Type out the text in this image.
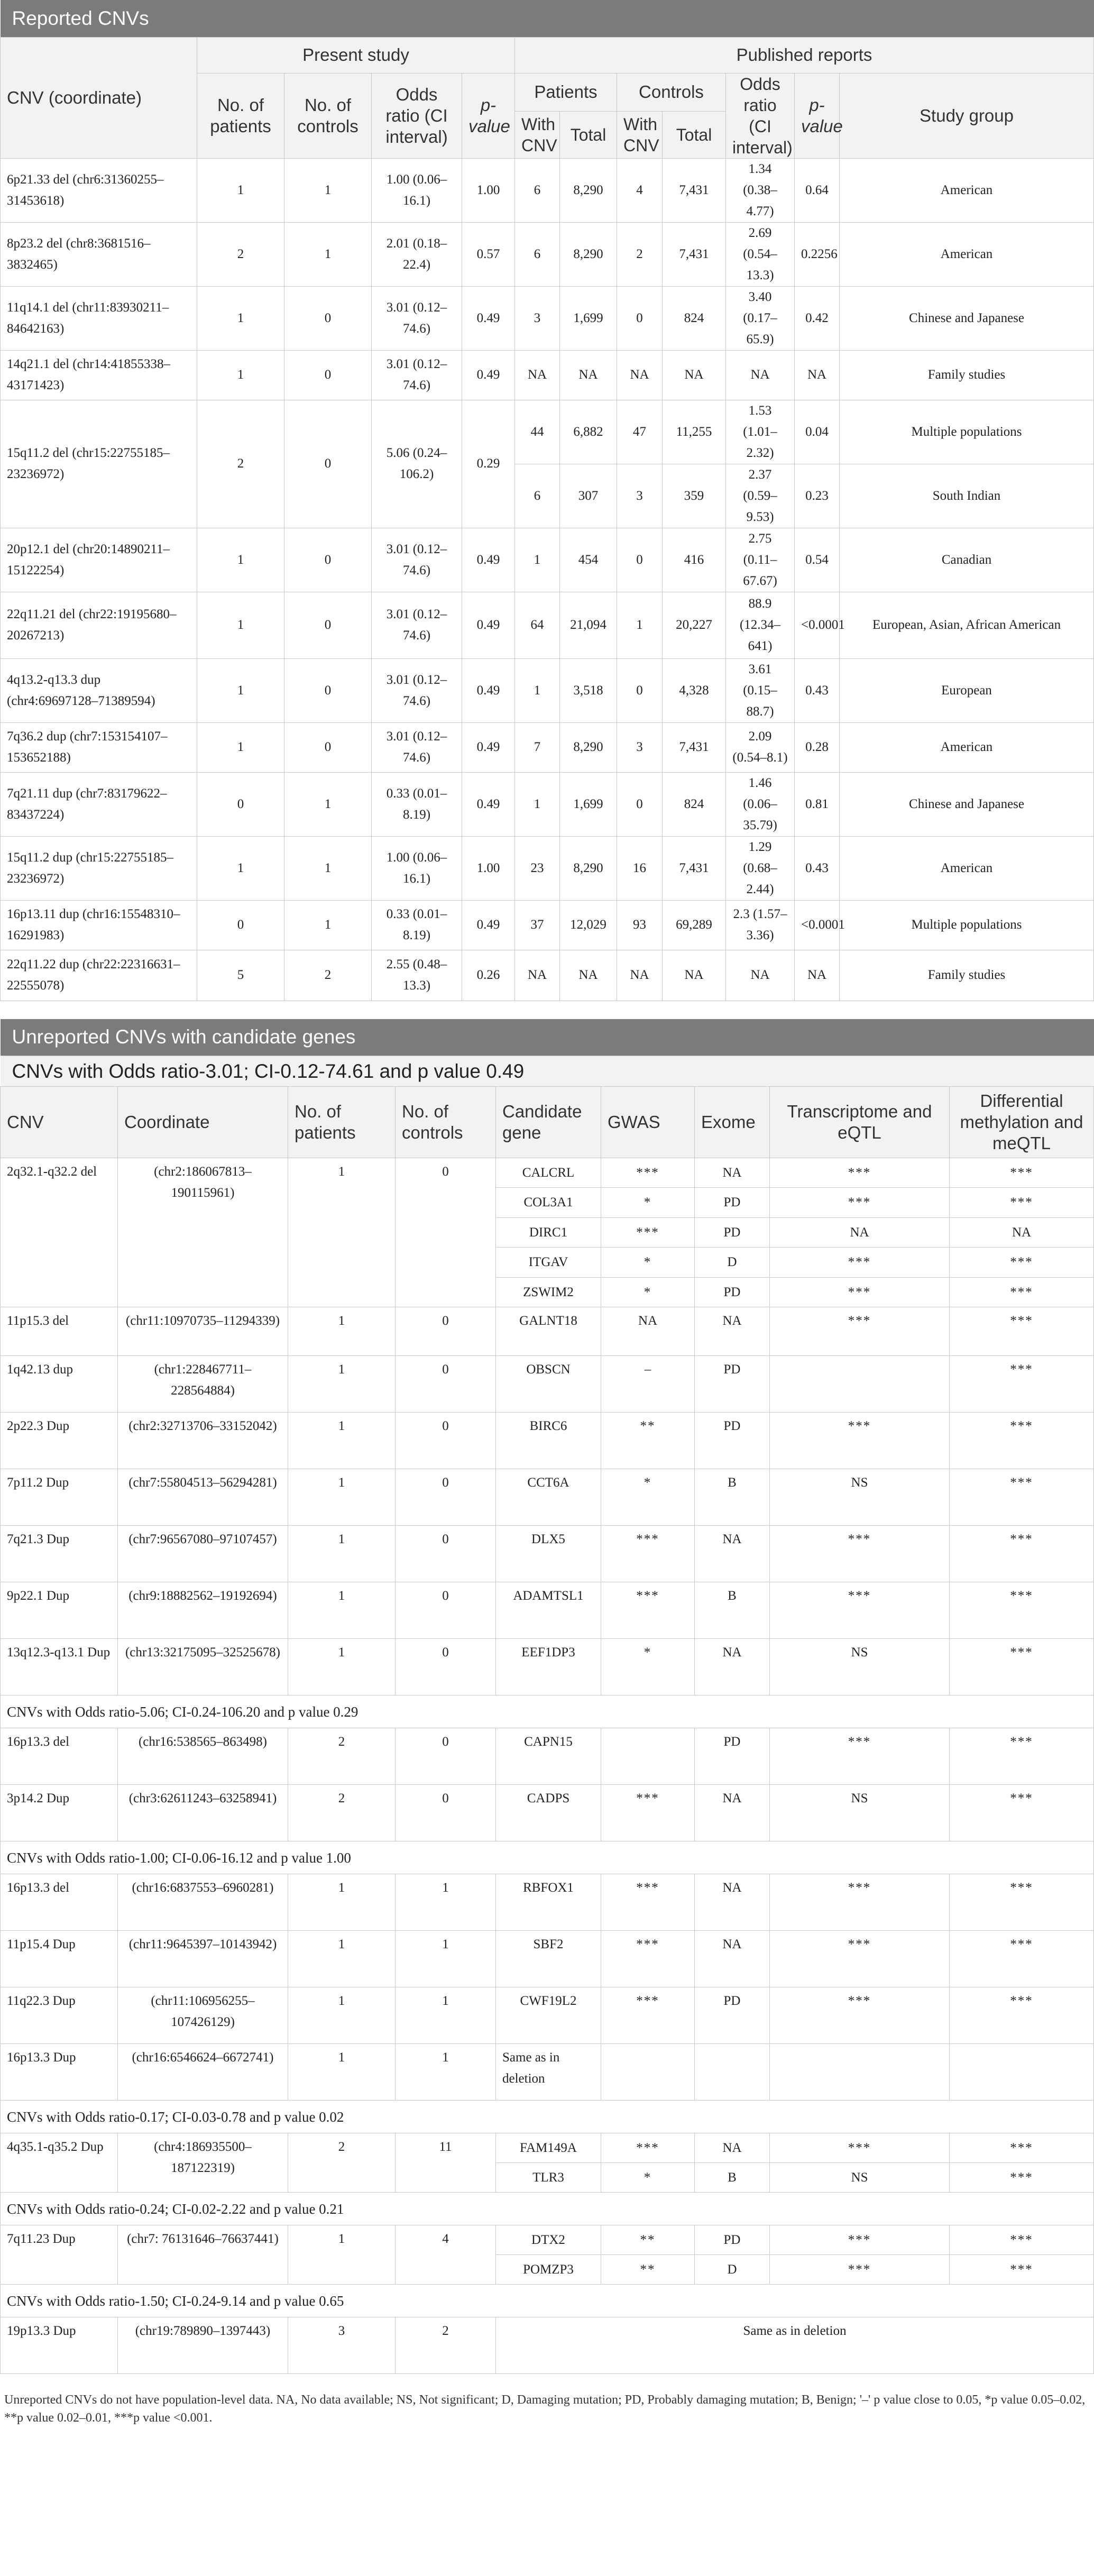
Reported CNVs											
CNV (coordinate)	Present study				Published reports						
	No. of patients	No. of controls	Odds ratio (CI interval)	p-value	Patients		Controls		Odds ratio (CI interval)	p-value	Study group
					With CNV	Total	With CNV	Total			
6p21.33 del (chr6:31360255–31453618)	1	1	1.00 (0.06–16.1)	1.00	6	8,290	4	7,431	1.34 (0.38–4.77)	0.64	American
8p23.2 del (chr8:3681516–3832465)	2	1	2.01 (0.18–22.4)	0.57	6	8,290	2	7,431	2.69 (0.54–13.3)	0.2256	American
11q14.1 del (chr11:83930211–84642163)	1	0	3.01 (0.12–74.6)	0.49	3	1,699	0	824	3.40 (0.17–65.9)	0.42	Chinese and Japanese
14q21.1 del (chr14:41855338–43171423)	1	0	3.01 (0.12–74.6)	0.49	NA	NA	NA	NA	NA	NA	Family studies
15q11.2 del (chr15:22755185–23236972)	2	0	5.06 (0.24–106.2)	0.29	44	6,882	47	11,255	1.53 (1.01–2.32)	0.04	Multiple populations
					6	307	3	359	2.37 (0.59–9.53)	0.23	South Indian
20p12.1 del (chr20:14890211–15122254)	1	0	3.01 (0.12–74.6)	0.49	1	454	0	416	2.75 (0.11–67.67)	0.54	Canadian
22q11.21 del (chr22:19195680–20267213)	1	0	3.01 (0.12–74.6)	0.49	64	21,094	1	20,227	88.9 (12.34–641)	<0.0001	European, Asian, African American
4q13.2-q13.3 dup (chr4:69697128–71389594)	1	0	3.01 (0.12–74.6)	0.49	1	3,518	0	4,328	3.61 (0.15–88.7)	0.43	European
7q36.2 dup (chr7:153154107–153652188)	1	0	3.01 (0.12–74.6)	0.49	7	8,290	3	7,431	2.09 (0.54–8.1)	0.28	American
7q21.11 dup (chr7:83179622–83437224)	0	1	0.33 (0.01–8.19)	0.49	1	1,699	0	824	1.46 (0.06–35.79)	0.81	Chinese and Japanese
15q11.2 dup (chr15:22755185–23236972)	1	1	1.00 (0.06–16.1)	1.00	23	8,290	16	7,431	1.29 (0.68–2.44)	0.43	American
16p13.11 dup (chr16:15548310–16291983)	0	1	0.33 (0.01–8.19)	0.49	37	12,029	93	69,289	2.3 (1.57–3.36)	<0.0001	Multiple populations
22q11.22 dup (chr22:22316631–22555078)	5	2	2.55 (0.48–13.3)	0.26	NA	NA	NA	NA	NA	NA	Family studies
Unreported CNVs with candidate genes								
CNVs with Odds ratio-3.01; CI-0.12-74.61 and p value 0.49								
CNV	Coordinate	No. of patients	No. of controls	Candidate gene	GWAS	Exome	Transcriptome and eQTL	Differential methylation and meQTL
2q32.1-q32.2 del	(chr2:186067813–190115961)	1	0	CALCRL	***	NA	***	***
				COL3A1	*	PD	***	***
				DIRC1	***	PD	NA	NA
				ITGAV	*	D	***	***
				ZSWIM2	*	PD	***	***
11p15.3 del	(chr11:10970735–11294339)	1	0	GALNT18	NA	NA	***	***
1q42.13 dup	(chr1:228467711–228564884)	1	0	OBSCN	–	PD		***
2p22.3 Dup	(chr2:32713706–33152042)	1	0	BIRC6	**	PD	***	***
7p11.2 Dup	(chr7:55804513–56294281)	1	0	CCT6A	*	B	NS	***
7q21.3 Dup	(chr7:96567080–97107457)	1	0	DLX5	***	NA	***	***
9p22.1 Dup	(chr9:18882562–19192694)	1	0	ADAMTSL1	***	B	***	***
13q12.3-q13.1 Dup	(chr13:32175095–32525678)	1	0	EEF1DP3	*	NA	NS	***
CNVs with Odds ratio-5.06; CI-0.24-106.20 and p value 0.29								
16p13.3 del	(chr16:538565–863498)	2	0	CAPN15		PD	***	***
3p14.2 Dup	(chr3:62611243–63258941)	2	0	CADPS	***	NA	NS	***
CNVs with Odds ratio-1.00; CI-0.06-16.12 and p value 1.00								
16p13.3 del	(chr16:6837553–6960281)	1	1	RBFOX1	***	NA	***	***
11p15.4 Dup	(chr11:9645397–10143942)	1	1	SBF2	***	NA	***	***
11q22.3 Dup	(chr11:106956255–107426129)	1	1	CWF19L2	***	PD	***	***
16p13.3 Dup	(chr16:6546624–6672741)	1	1	Same as in deletion				
CNVs with Odds ratio-0.17; CI-0.03-0.78 and p value 0.02								
4q35.1-q35.2 Dup	(chr4:186935500–187122319)	2	11	FAM149A	***	NA	***	***
				TLR3	*	B	NS	***
CNVs with Odds ratio-0.24; CI-0.02-2.22 and p value 0.21								
7q11.23 Dup	(chr7: 76131646–76637441)	1	4	DTX2	**	PD	***	***
				POMZP3	**	D	***	***
CNVs with Odds ratio-1.50; CI-0.24-9.14 and p value 0.65								
19p13.3 Dup	(chr19:789890–1397443)	3	2	Same as in deletion				
Unreported CNVs do not have population-level data. NA, No data available; NS, Not significant; D, Damaging mutation; PD, Probably damaging mutation; B, Benign; '–' p value close to 0.05, *p value 0.05–0.02, **p value 0.02–0.01, ***p value <0.001.
